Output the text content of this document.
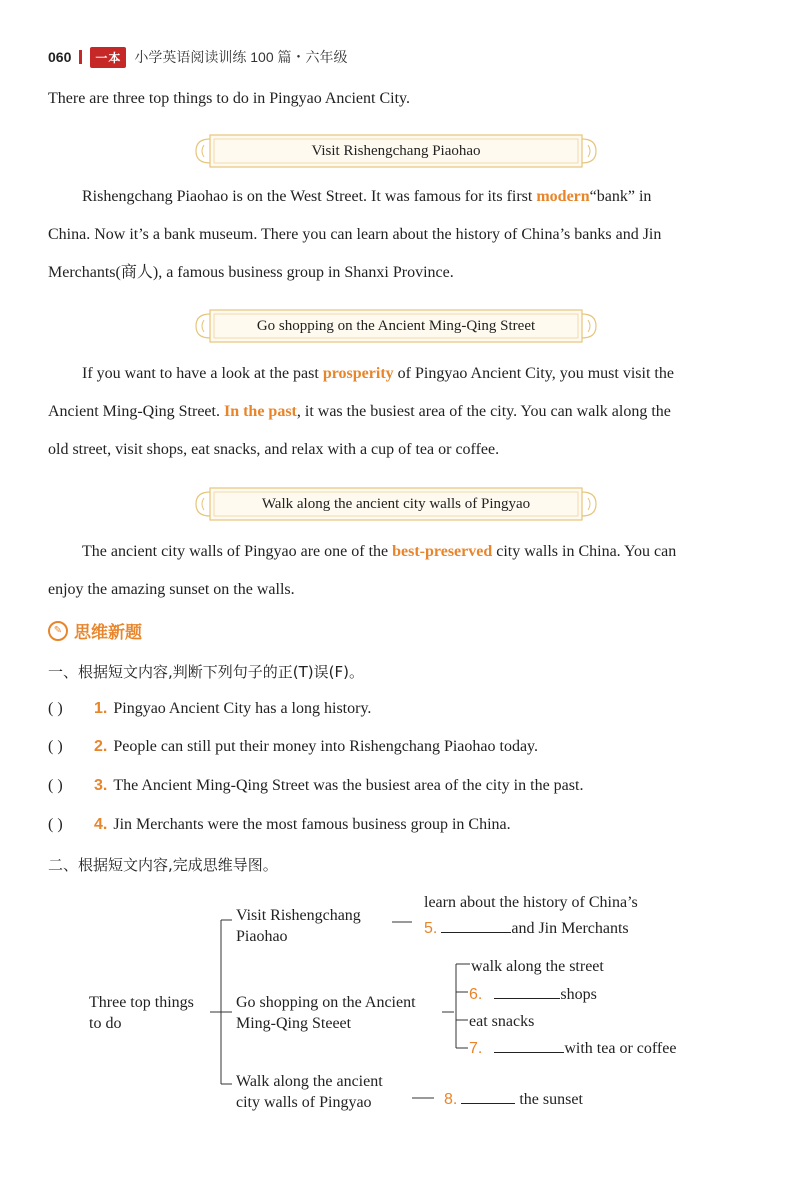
060	一本 小学英语阅读训练 100 篇・六年级
There are three top things to do in Pingyao Ancient City.
Visit Rishengchang Piaohao
Rishengchang Piaohao is on the West Street. It was famous for its first modern“bank” in
China. Now it’s a bank museum. There you can learn about the history of China’s banks and Jin
Merchants(商人), a famous business group in Shanxi Province.
Go shopping on the Ancient Ming-Qing Street
If you want to have a look at the past prosperity of Pingyao Ancient City, you must visit the
Ancient Ming-Qing Street. In the past, it was the busiest area of the city. You can walk along the
old street, visit shops, eat snacks, and relax with a cup of tea or coffee.
Walk along the ancient city walls of Pingyao
The ancient city walls of Pingyao are one of the best-preserved city walls in China. You can
enjoy the amazing sunset on the walls.
✎ 思维新题
一、根据短文内容,判断下列句子的正(T)误(F)。
( )	1. Pingyao Ancient City has a long history.
( )	2. People can still put their money into Rishengchang Piaohao today.
( )	3. The Ancient Ming-Qing Street was the busiest area of the city in the past.
( )	4. Jin Merchants were the most famous business group in China.
二、根据短文内容,完成思维导图。
Three top things
to do
Visit Rishengchang
Piaohao
learn about the history of China’s
5.	and Jin Merchants
Go shopping on the Ancient
Ming-Qing Steeet
walk along the street
6.	shops
eat snacks
7.	with tea or coffee
Walk along the ancient
city walls of Pingyao	8.	the sunset
